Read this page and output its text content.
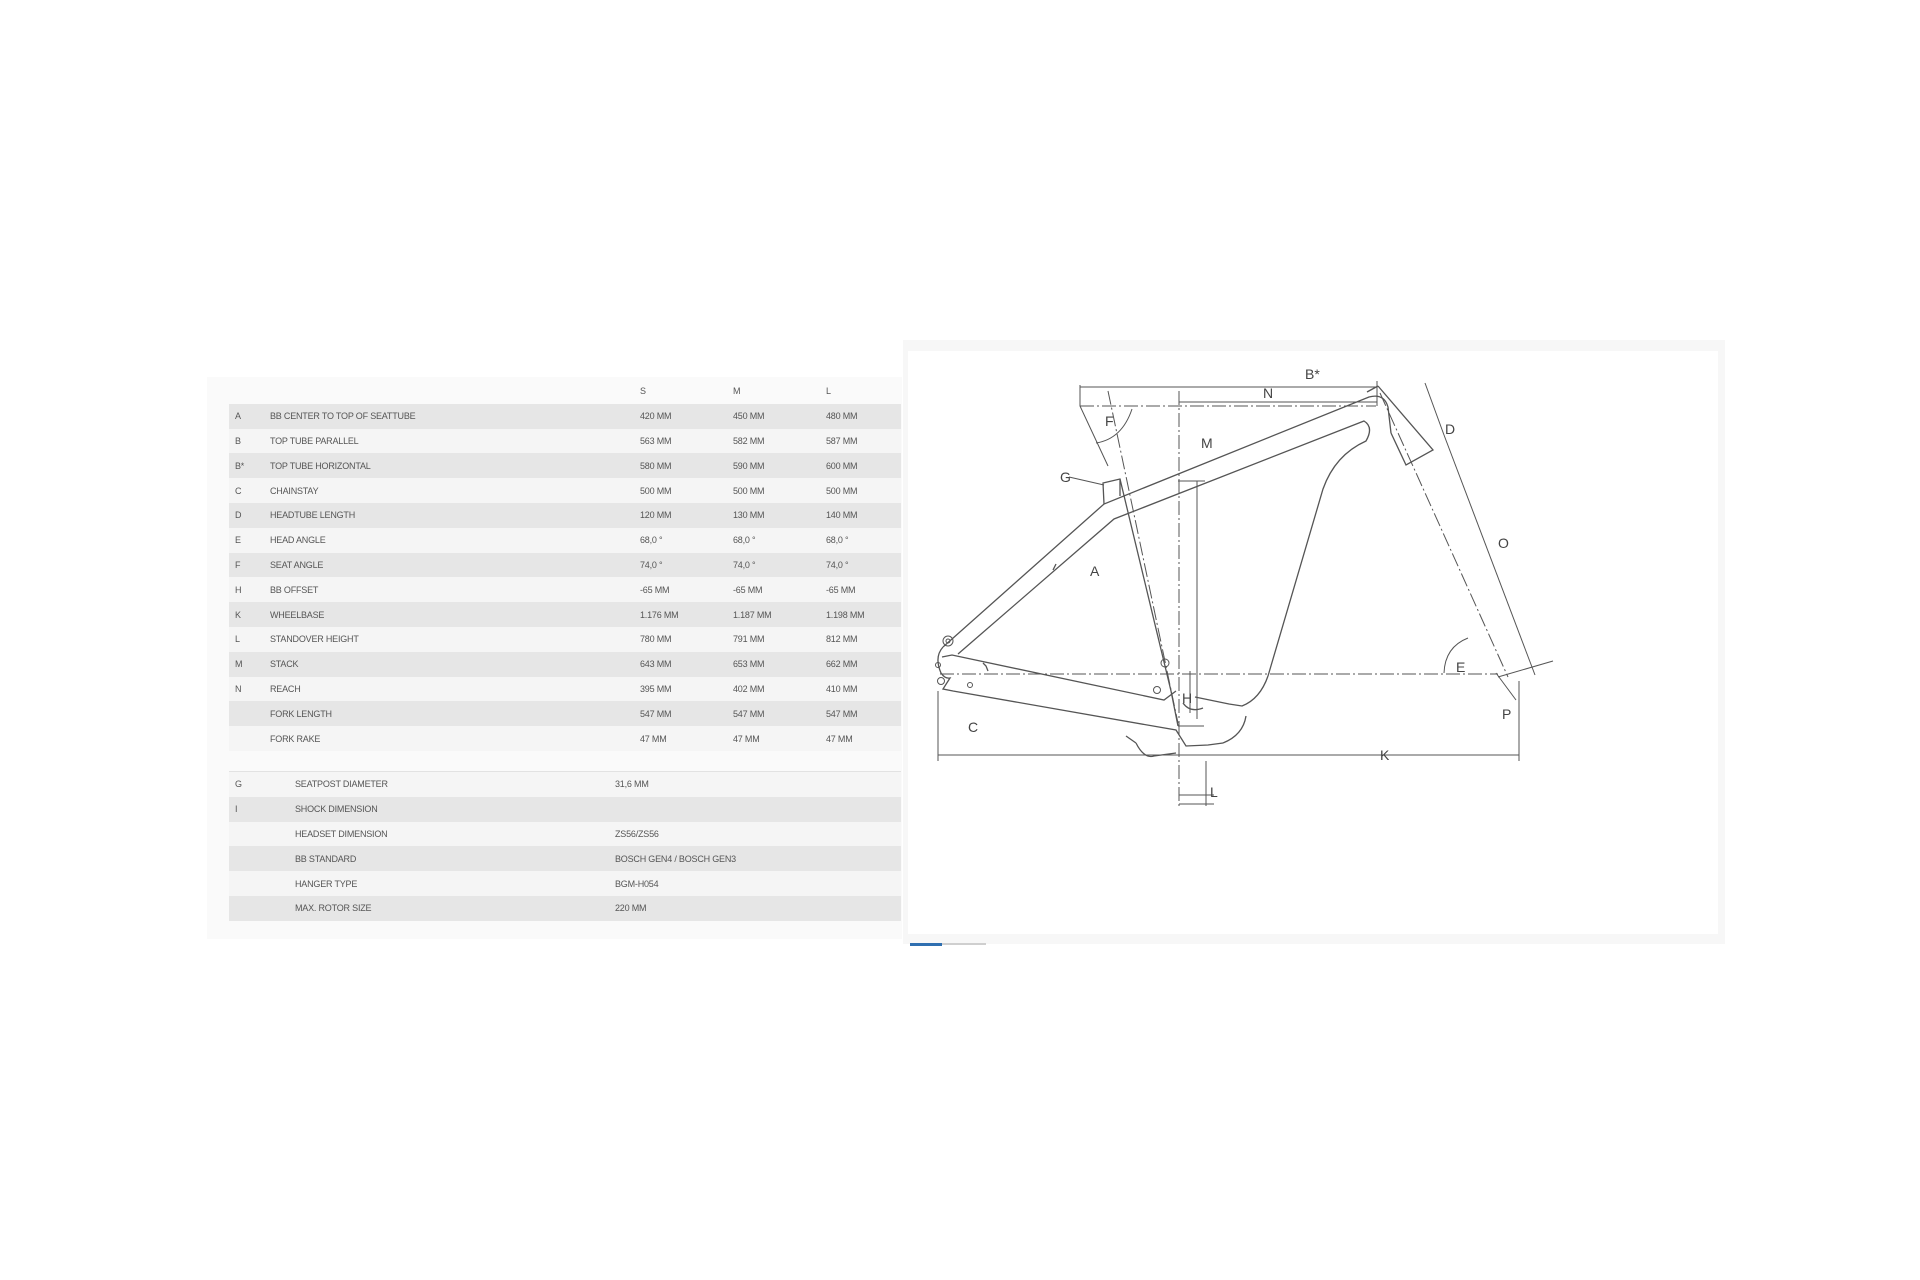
		S	M	L
A	BB CENTER TO TOP OF SEATTUBE	420 MM	450 MM	480 MM
B	TOP TUBE PARALLEL	563 MM	582 MM	587 MM
B*	TOP TUBE HORIZONTAL	580 MM	590 MM	600 MM
C	CHAINSTAY	500 MM	500 MM	500 MM
D	HEADTUBE LENGTH	120 MM	130 MM	140 MM
E	HEAD ANGLE	68,0 °	68,0 °	68,0 °
F	SEAT ANGLE	74,0 °	74,0 °	74,0 °
H	BB OFFSET	-65 MM	-65 MM	-65 MM
K	WHEELBASE	1.176 MM	1.187 MM	1.198 MM
L	STANDOVER HEIGHT	780 MM	791 MM	812 MM
M	STACK	643 MM	653 MM	662 MM
N	REACH	395 MM	402 MM	410 MM
	FORK LENGTH	547 MM	547 MM	547 MM
	FORK RAKE	47 MM	47 MM	47 MM
G	SEATPOST DIAMETER	31,6 MM
I	SHOCK DIMENSION	
	HEADSET DIMENSION	ZS56/ZS56
	BB STANDARD	BOSCH GEN4 / BOSCH GEN3
	HANGER TYPE	BGM-H054
	MAX. ROTOR SIZE	220 MM
A
B*
C
D
E
F
G
H
K
L
M
N
O
P
